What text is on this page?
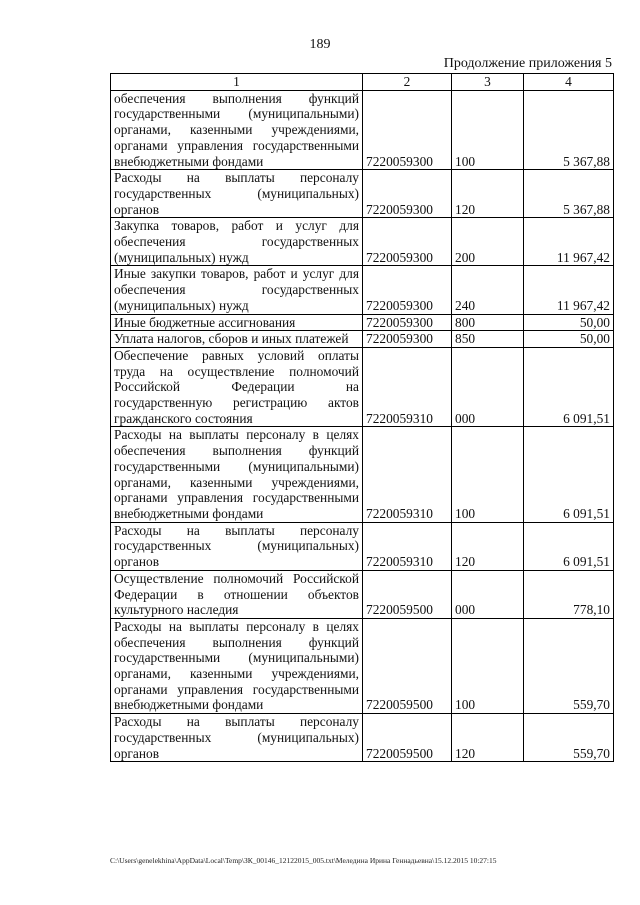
189
Продолжение приложения 5
1	2	3	4
обеспечения выполнения функций государственными (муниципальными) органами, казенными учреждениями, органами управления государственными внебюджетными фондами	7220059300	100	5 367,88
Расходы на выплаты персоналу государственных (муниципальных) органов	7220059300	120	5 367,88
Закупка товаров, работ и услуг для обеспечения государственных (муниципальных) нужд	7220059300	200	11 967,42
Иные закупки товаров, работ и услуг для обеспечения государственных (муниципальных) нужд	7220059300	240	11 967,42
Иные бюджетные ассигнования	7220059300	800	50,00
Уплата налогов, сборов и иных платежей	7220059300	850	50,00
Обеспечение равных условий оплаты труда на осуществление полномочий Российской Федерации на государственную регистрацию актов гражданского состояния	7220059310	000	6 091,51
Расходы на выплаты персоналу в целях обеспечения выполнения функций государственными (муниципальными) органами, казенными учреждениями, органами управления государственными внебюджетными фондами	7220059310	100	6 091,51
Расходы на выплаты персоналу государственных (муниципальных) органов	7220059310	120	6 091,51
Осуществление полномочий Российской Федерации в отношении объектов культурного наследия	7220059500	000	778,10
Расходы на выплаты персоналу в целях обеспечения выполнения функций государственными (муниципальными) органами, казенными учреждениями, органами управления государственными внебюджетными фондами	7220059500	100	559,70
Расходы на выплаты персоналу государственных (муниципальных) органов	7220059500	120	559,70
C:\Users\genelekhina\AppData\Local\Temp\ЗК_00146_12122015_005.txt\Меледина Ирина Геннадьевна\15.12.2015 10:27:15
